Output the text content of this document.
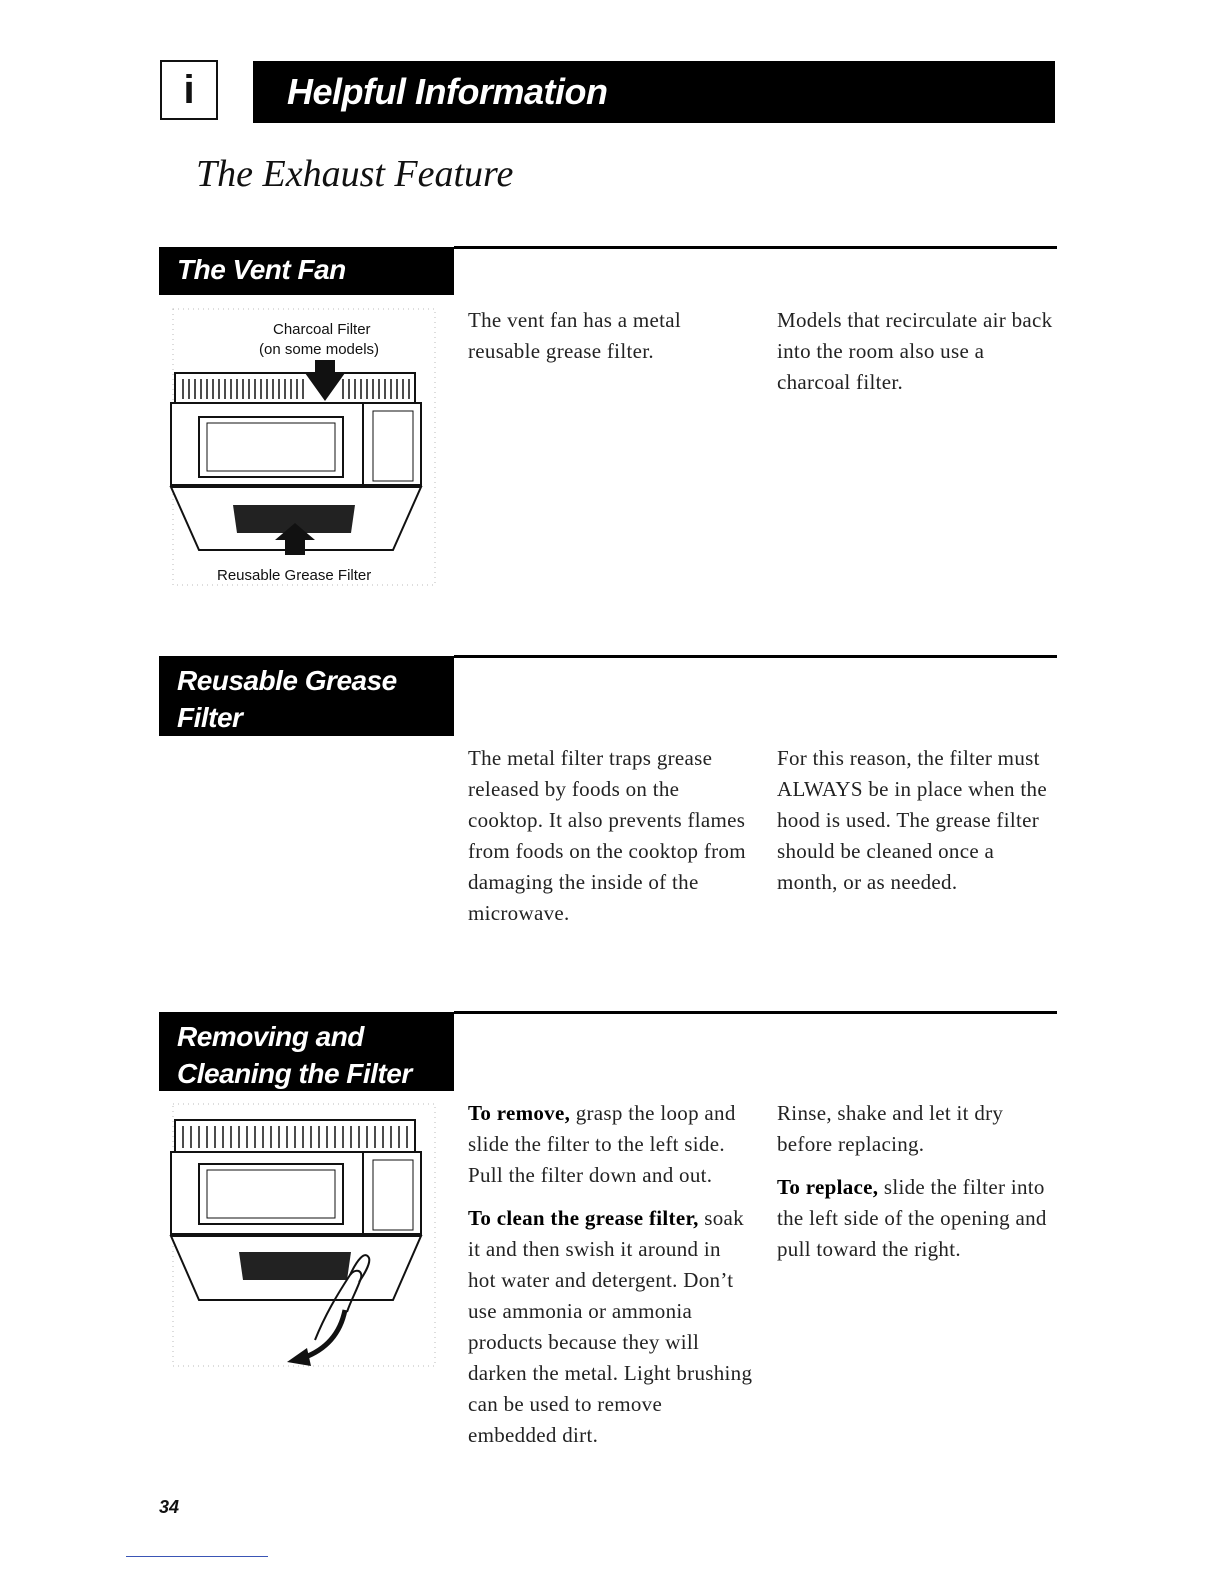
i	Helpful Information
The Exhaust Feature
The Vent Fan
Charcoal Filter
(on some models)
Reusable Grease Filter

The vent fan has a metal reusable grease filter.

Models that recirculate air back into the room also use a charcoal filter.

Reusable Grease
Filter

The metal filter traps grease released by foods on the cooktop. It also prevents flames from foods on the cooktop from damaging the inside of the microwave.

For this reason, the filter must ALWAYS be in place when the hood is used. The grease filter should be cleaned once a month, or as needed.

Removing and
Cleaning the Filter

To remove, grasp the loop and slide the filter to the left side. Pull the filter down and out.

To clean the grease filter, soak it and then swish it around in hot water and detergent. Don’t use ammonia or ammonia products because they will darken the metal. Light brushing can be used to remove embedded dirt.

Rinse, shake and let it dry before replacing.

To replace, slide the filter into the left side of the opening and pull toward the right.

34
